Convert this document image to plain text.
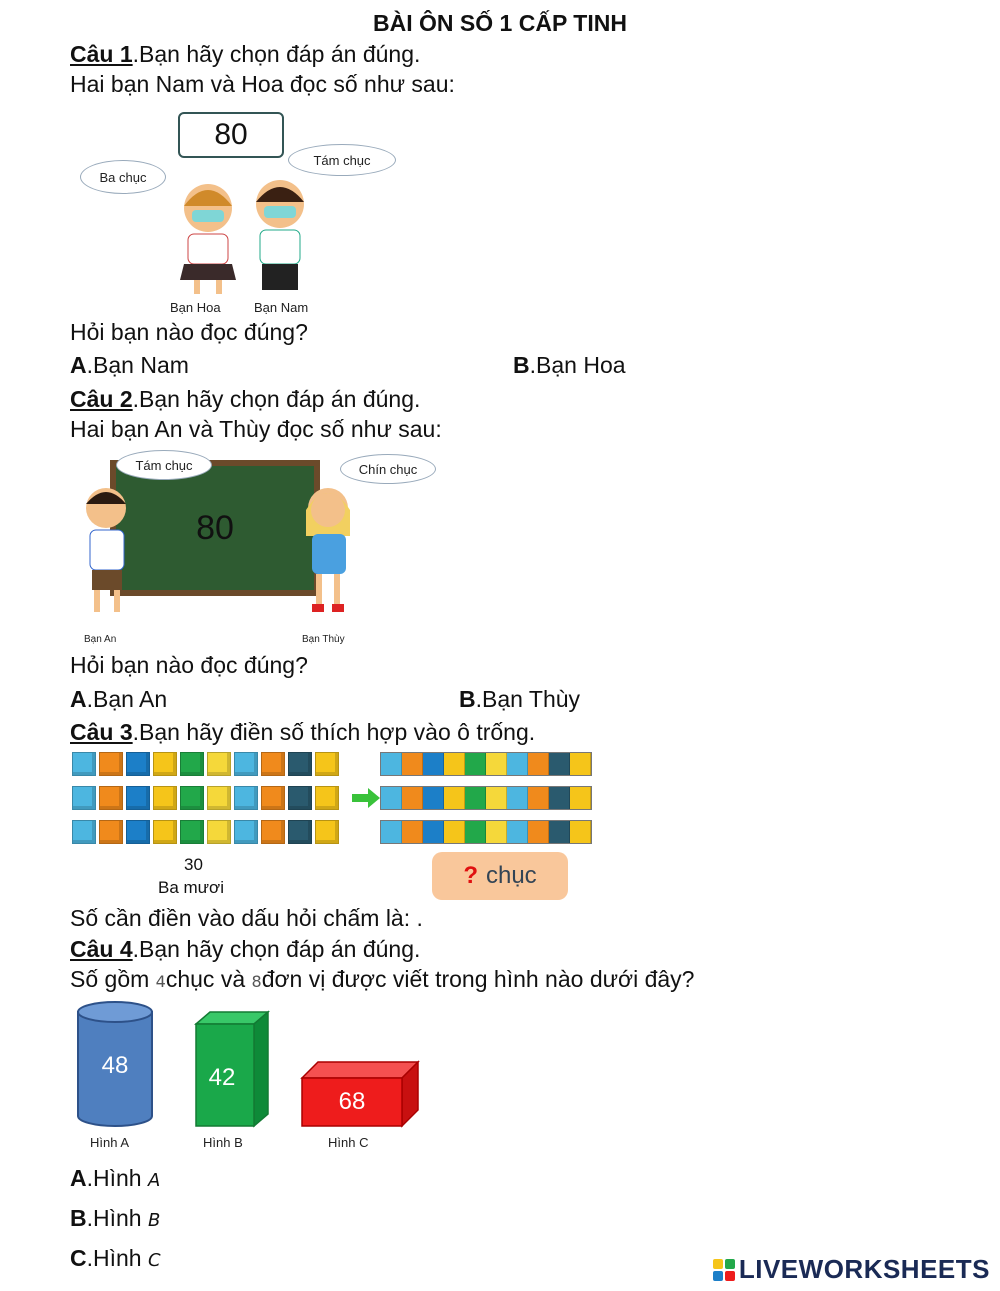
BÀI ÔN SỐ 1 CẤP TINH
Câu 1.Bạn hãy chọn đáp án đúng.
Hai bạn Nam và Hoa đọc số như sau:
80
Ba chục
Tám chục
Bạn Hoa	Bạn Nam
Hỏi bạn nào đọc đúng?
A.Bạn Nam	B.Bạn Hoa
Câu 2.Bạn hãy chọn đáp án đúng.
Hai bạn An và Thùy đọc số như sau:
80
Tám chục	Chín chục
Bạn An	Bạn Thùy
Hỏi bạn nào đọc đúng?
A.Bạn An	B.Bạn Thùy
Câu 3.Bạn hãy điền số thích hợp vào ô trống.
30
Ba mươi	? chục
Số cần điền vào dấu hỏi chấm là: .
Câu 4.Bạn hãy chọn đáp án đúng.
Số gồm 4chục và 8đơn vị được viết trong hình nào dưới đây?
48	42
68
Hình A	Hình B	Hình C
A.Hình A
B.Hình B
C.Hình C	LIVEWORKSHEETS
